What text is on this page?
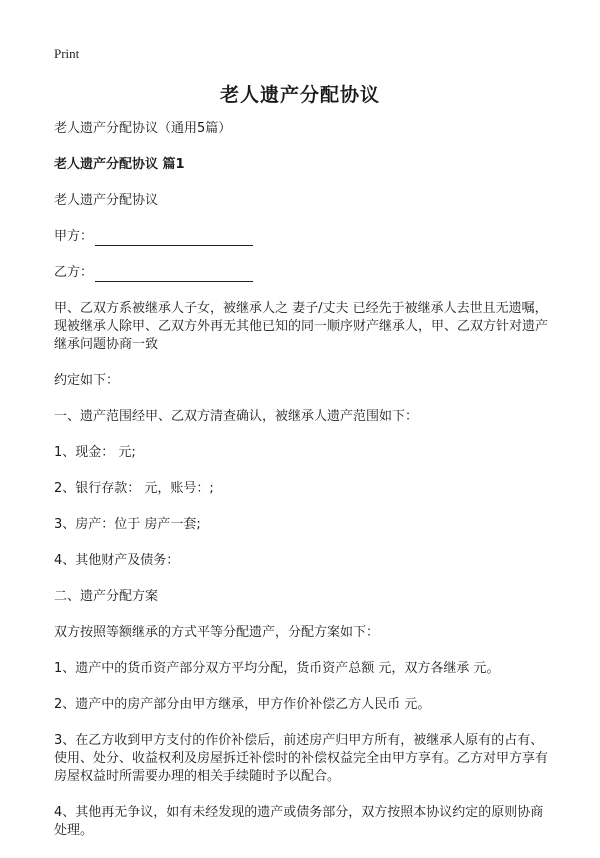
Print
老人遗产分配协议

老人遗产分配协议（通用5篇）

老人遗产分配协议 篇1

老人遗产分配协议

甲方：
乙方：

甲、乙双方系被继承人子女，被继承人之 妻子/丈夫 已经先于被继承人去世且无遗嘱，现被继承人除甲、乙双方外再无其他已知的同一顺序财产继承人，甲、乙双方针对遗产继承问题协商一致

约定如下：

一、遗产范围经甲、乙双方清查确认，被继承人遗产范围如下：

1、现金： 元;

2、银行存款： 元，账号：;

3、房产：位于 房产一套;

4、其他财产及债务：

二、遗产分配方案

双方按照等额继承的方式平等分配遗产，分配方案如下：

1、遗产中的货币资产部分双方平均分配，货币资产总额 元，双方各继承 元。

2、遗产中的房产部分由甲方继承，甲方作价补偿乙方人民币 元。

3、在乙方收到甲方支付的作价补偿后，前述房产归甲方所有，被继承人原有的占有、使用、处分、收益权利及房屋拆迁补偿时的补偿权益完全由甲方享有。乙方对甲方享有房屋权益时所需要办理的相关手续随时予以配合。

4、其他再无争议，如有未经发现的遗产或债务部分，双方按照本协议约定的原则协商处理。
